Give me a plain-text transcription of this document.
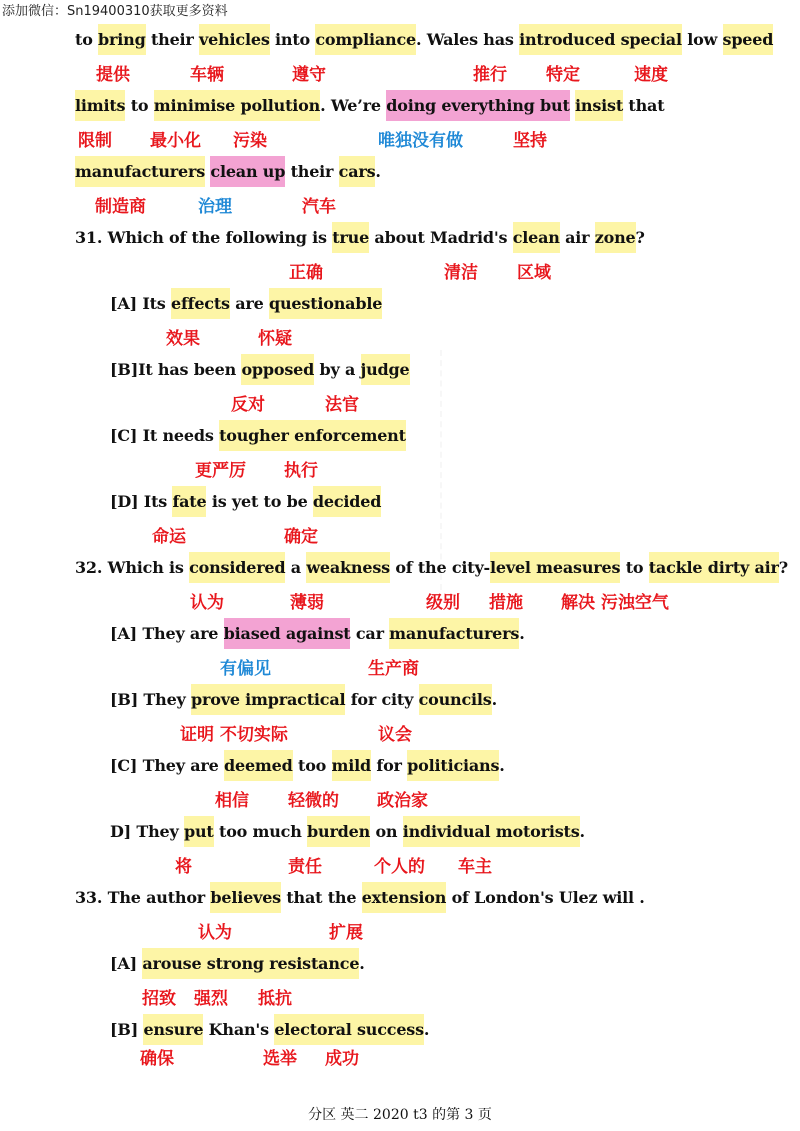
添加微信：Sn19400310获取更多资料
to bring their vehicles into compliance. Wales has introduced special low speed
limits to minimise pollution. We’re doing everything but insist that
manufacturers clean up their cars.
31. Which of the following is true about Madrid's clean air zone?
[A] Its effects are questionable
[B]It has been opposed by a judge
[C] It needs tougher enforcement
[D] Its fate is yet to be decided
32. Which is considered a weakness of the city-level measures to tackle dirty air?
[A] They are biased against car manufacturers.
[B] They prove impractical for city councils.
[C] They are deemed too mild for politicians.
D] They put too much burden on individual motorists.
33. The author believes that the extension of London's Ulez will .
[A] arouse strong resistance.
[B] ensure Khan's electoral success.
提供	车辆	遵守	推行 特定	速度
限制 最小化 污染	唯独没有做	坚持
制造商	治理	汽车
正确	清洁 区域
效果	怀疑
反对	法官
更严厉 执行
命运	确定
认为	薄弱	级别 措施 解决 污浊空气
有偏见	生产商
证明 不切实际	议会
相信 轻微的 政治家
将	责任	个人的 车主
认为	扩展
招致 强烈 抵抗
确保	选举 成功
分区 英二 2020 t3 的第 3 页
